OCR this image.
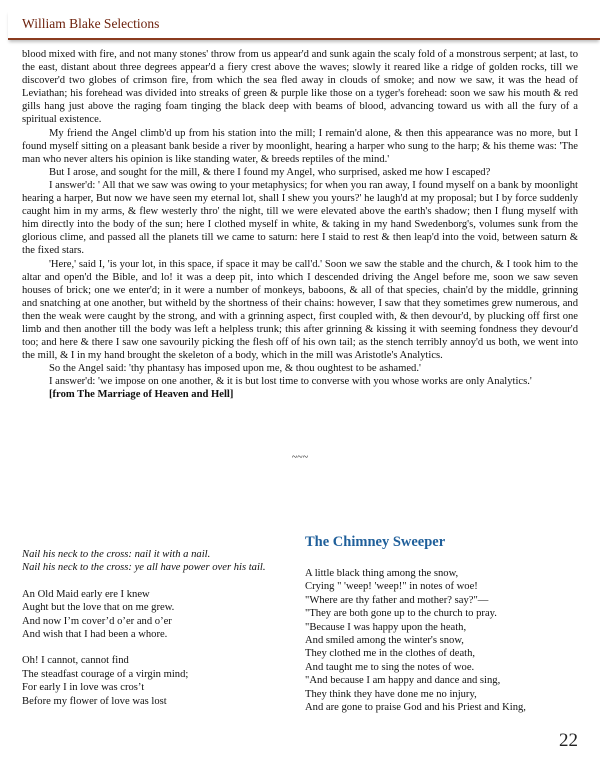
William Blake Selections

blood mixed with fire, and not many stones' throw from us appear'd and sunk again the scaly fold of a monstrous serpent; at last, to the east, distant about three degrees appear'd a fiery crest above the waves; slowly it reared like a ridge of golden rocks, till we discover'd two globes of crimson fire, from which the sea fled away in clouds of smoke; and now we saw, it was the head of Leviathan; his forehead was divided into streaks of green & purple like those on a tyger's forehead: soon we saw his mouth & red gills hang just above the raging foam tinging the black deep with beams of blood, advancing toward us with all the fury of a spiritual existence.

My friend the Angel climb'd up from his station into the mill; I remain'd alone, & then this appearance was no more, but I found myself sitting on a pleasant bank beside a river by moonlight, hearing a harper who sung to the harp; & his theme was: 'The man who never alters his opinion is like standing water, & breeds reptiles of the mind.'

But I arose, and sought for the mill, & there I found my Angel, who surprised, asked me how I escaped?

I answer'd: ' All that we saw was owing to your metaphysics; for when you ran away, I found myself on a bank by moonlight hearing a harper, But now we have seen my eternal lot, shall I shew you yours?' he laugh'd at my proposal; but I by force suddenly caught him in my arms, & flew westerly thro' the night, till we were elevated above the earth's shadow; then I flung myself with him directly into the body of the sun; here I clothed myself in white, & taking in my hand Swedenborg's, volumes sunk from the glorious clime, and passed all the planets till we came to saturn: here I staid to rest & then leap'd into the void, between saturn & the fixed stars.

'Here,' said I, 'is your lot, in this space, if space it may be call'd.' Soon we saw the stable and the church, & I took him to the altar and open'd the Bible, and lo! it was a deep pit, into which I descended driving the Angel before me, soon we saw seven houses of brick; one we enter'd; in it were a number of monkeys, baboons, & all of that species, chain'd by the middle, grinning and snatching at one another, but witheld by the shortness of their chains: however, I saw that they sometimes grew numerous, and then the weak were caught by the strong, and with a grinning aspect, first coupled with, & then devour'd, by plucking off first one limb and then another till the body was left a helpless trunk; this after grinning & kissing it with seeming fondness they devour'd too; and here & there I saw one savourily picking the flesh off of his own tail; as the stench terribly annoy'd us both, we went into the mill, & I in my hand brought the skeleton of a body, which in the mill was Aristotle's Analytics.

So the Angel said: 'thy phantasy has imposed upon me, & thou oughtest to be ashamed.'

I answer'd: 'we impose on one another, & it is but lost time to converse with you whose works are only Analytics.'

[from The Marriage of Heaven and Hell]

~~~
Nail his neck to the cross: nail it with a nail.
Nail his neck to the cross: ye all have power over his tail.
An Old Maid early ere I knew
Aught but the love that on me grew.
And now I’m cover’d o’er and o’er
And wish that I had been a whore.
Oh! I cannot, cannot find
The steadfast courage of a virgin mind;
For early I in love was cros’t
Before my flower of love was lost
The Chimney Sweeper
A little black thing among the snow,
Crying " 'weep! 'weep!" in notes of woe!
"Where are thy father and mother? say?"—
"They are both gone up to the church to pray.
"Because I was happy upon the heath,
And smiled among the winter's snow,
They clothed me in the clothes of death,
And taught me to sing the notes of woe.
"And because I am happy and dance and sing,
They think they have done me no injury,
And are gone to praise God and his Priest and King,
22
